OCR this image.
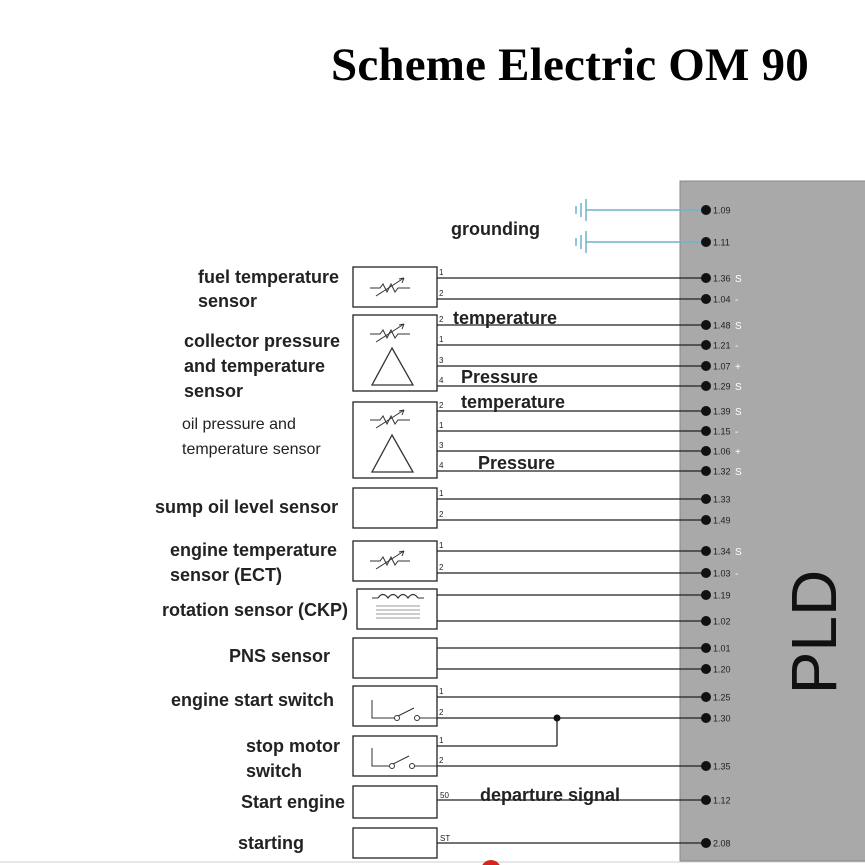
Scheme Electric OM 90
PLD
1
2
2
1
3
4
2
1
3
4
1
2
1
2
1
2
1
2
50
ST
grounding
temperature
Pressure
temperature
Pressure
departure signal
fuel temperature
sensor
collector pressure
and temperature
sensor
oil pressure and
temperature sensor
sump oil level sensor
engine temperature
sensor (ECT)
rotation sensor (CKP)
PNS sensor
engine start switch
stop motor
switch
Start engine
starting
1.09
1.11
1.36 S
1.04 -
1.48 S
1.21 -
1.07 +
1.29 S
1.39 S
1.15 -
1.06 +
1.32 S
1.33
1.49
1.34 S
1.03 -
1.19
1.02
1.01
1.20
1.25
1.30
1.35
1.12
2.08
